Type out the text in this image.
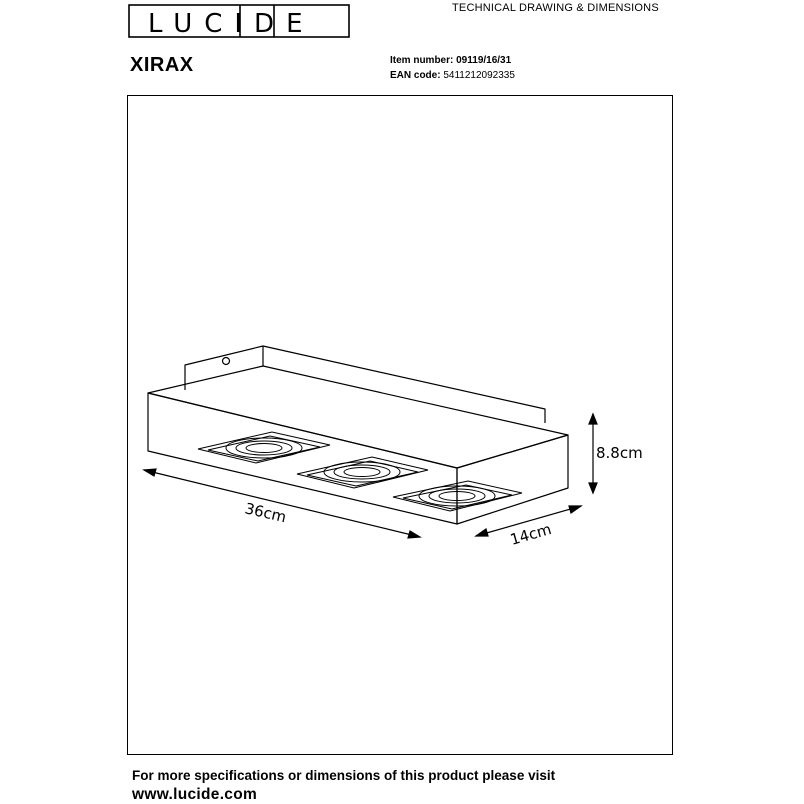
LUCIDE
TECHNICAL DRAWING & DIMENSIONS
XIRAX	Item number: 09119/16/31
EAN code: 5411212092335
36cm
14cm
8.8cm
For more specifications or dimensions of this product please visit
www.lucide.com
